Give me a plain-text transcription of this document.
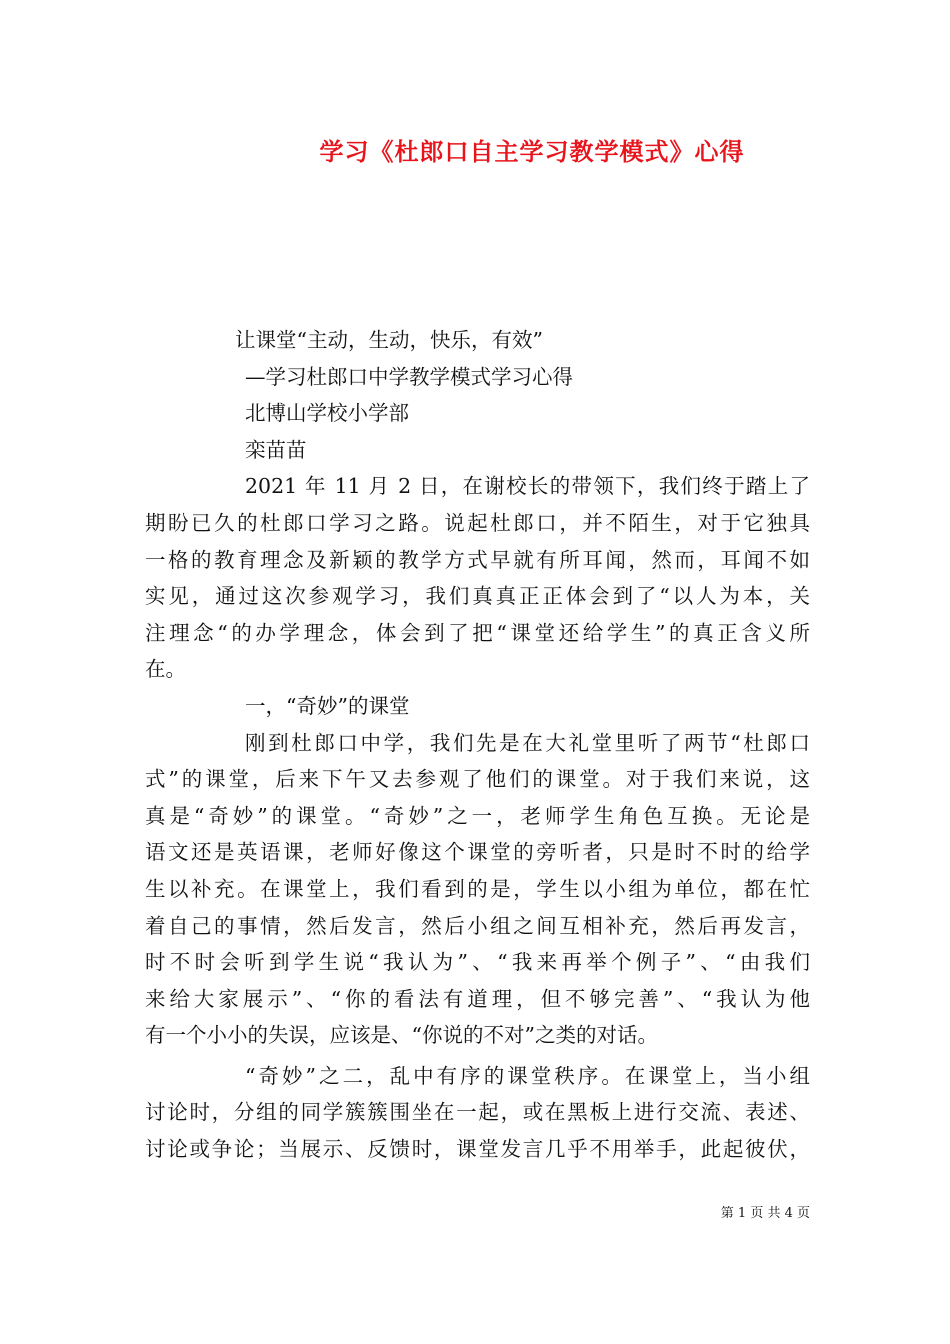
学习《杜郎口自主学习教学模式》心得
让课堂“主动，生动，快乐，有效”
—学习杜郎口中学教学模式学习心得
北博山学校小学部
栾苗苗
2021 年 11 月 2 日，在谢校长的带领下，我们终于踏上了
期盼已久的杜郎口学习之路。说起杜郎口，并不陌生，对于它独具
一格的教育理念及新颖的教学方式早就有所耳闻，然而，耳闻不如
实见，通过这次参观学习，我们真真正正体会到了“以人为本，关
注理念“的办学理念，体会到了把“课堂还给学生”的真正含义所
在。
一，“奇妙”的课堂
刚到杜郎口中学，我们先是在大礼堂里听了两节“杜郎口
式”的课堂，后来下午又去参观了他们的课堂。对于我们来说，这
真是“奇妙”的课堂。“奇妙”之一，老师学生角色互换。无论是
语文还是英语课，老师好像这个课堂的旁听者，只是时不时的给学
生以补充。在课堂上，我们看到的是，学生以小组为单位，都在忙
着自己的事情，然后发言，然后小组之间互相补充，然后再发言，
时不时会听到学生说“我认为”、“我来再举个例子”、“由我们
来给大家展示”、“你的看法有道理，但不够完善”、“我认为他
有一个小小的失误，应该是、“你说的不对”之类的对话。
“奇妙”之二，乱中有序的课堂秩序。在课堂上，当小组
讨论时，分组的同学簇簇围坐在一起，或在黑板上进行交流、表述、
讨论或争论；当展示、反馈时，课堂发言几乎不用举手，此起彼伏，
第 1 页 共 4 页
